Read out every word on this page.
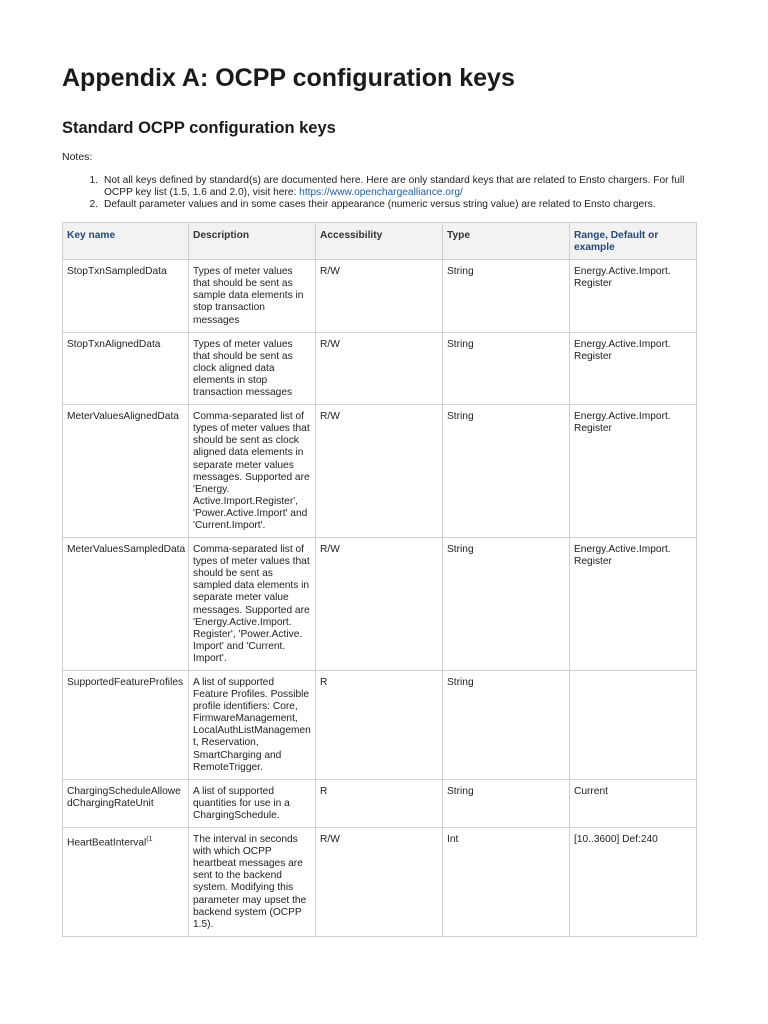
Appendix A: OCPP configuration keys
Standard OCPP configuration keys
Notes:
1. Not all keys defined by standard(s) are documented here. Here are only standard keys that are related to Ensto chargers. For full OCPP key list (1.5, 1.6 and 2.0), visit here: https://www.openchargealliance.org/
2. Default parameter values and in some cases their appearance (numeric versus string value) are related to Ensto chargers.
Key name	Description	Accessibility	Type	Range, Default or example
StopTxnSampledData	Types of meter values that should be sent as sample data elements in stop transaction messages	R/W	String	Energy.Active.Import. Register
StopTxnAlignedData	Types of meter values that should be sent as clock aligned data elements in stop transaction messages	R/W	String	Energy.Active.Import. Register
MeterValuesAlignedData	Comma-separated list of types of meter values that should be sent as clock aligned data elements in separate meter values messages. Supported are 'Energy. Active.Import.Register', 'Power.Active.Import' and 'Current.Import'.	R/W	String	Energy.Active.Import. Register
MeterValuesSampledData	Comma-separated list of types of meter values that should be sent as sampled data elements in separate meter value messages. Supported are 'Energy.Active.Import. Register', 'Power.Active. Import' and 'Current. Import'.	R/W	String	Energy.Active.Import. Register
SupportedFeatureProfiles	A list of supported Feature Profiles. Possible profile identifiers: Core, FirmwareManagement, LocalAuthListManagemen t, Reservation, SmartCharging and RemoteTrigger.	R	String	
ChargingScheduleAllowe dChargingRateUnit	A list of supported quantities for use in a ChargingSchedule.	R	String	Current
HeartBeatInterval$^{(1}$	The interval in seconds with which OCPP heartbeat messages are sent to the backend system. Modifying this parameter may upset the backend system (OCPP 1.5).	R/W	Int	[10..3600] Def:240
